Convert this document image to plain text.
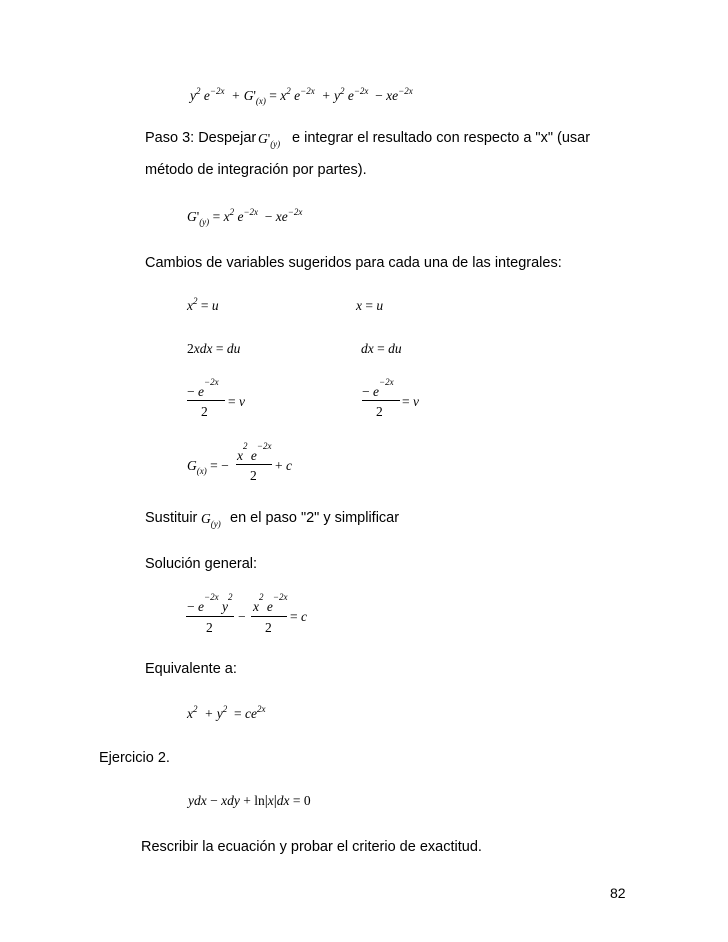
$y^2$ $e^{-2x} + G'_{(x)} = x^2$ $e^{-2x} + y^2$ $e^{-2x} - xe^{-2x}$
Paso 3: Despejar $G'_{(y)}$ e integrar el resultado con respecto a "x" (usar
método de integración por partes).
$G'_{(y)} = x^2$ $e^{-2x} - xe^{-2x}$
Cambios de variables sugeridos para cada una de las integrales:
$x^2 = u$	x = u
2xdx = du	dx = du
− $e^{-2x}$
2
= v
− $e^{-2x}$
2
= v
$G_{(x)}$ = −
$x^2$ $e^{-2x}$
2
+ c
Sustituir $G_{(y)}$ en el paso "2" y simplificar
Solución general:
− $e^{-2x}$ $y^2$
2
−
$x^2$ $e^{-2x}$
2
= c
Equivalente a:
$x^2 + y^2 = ce^{2x}$
Ejercicio 2.
ydx − xdy + ln|x|dx = 0
Rescribir la ecuación y probar el criterio de exactitud.
82
